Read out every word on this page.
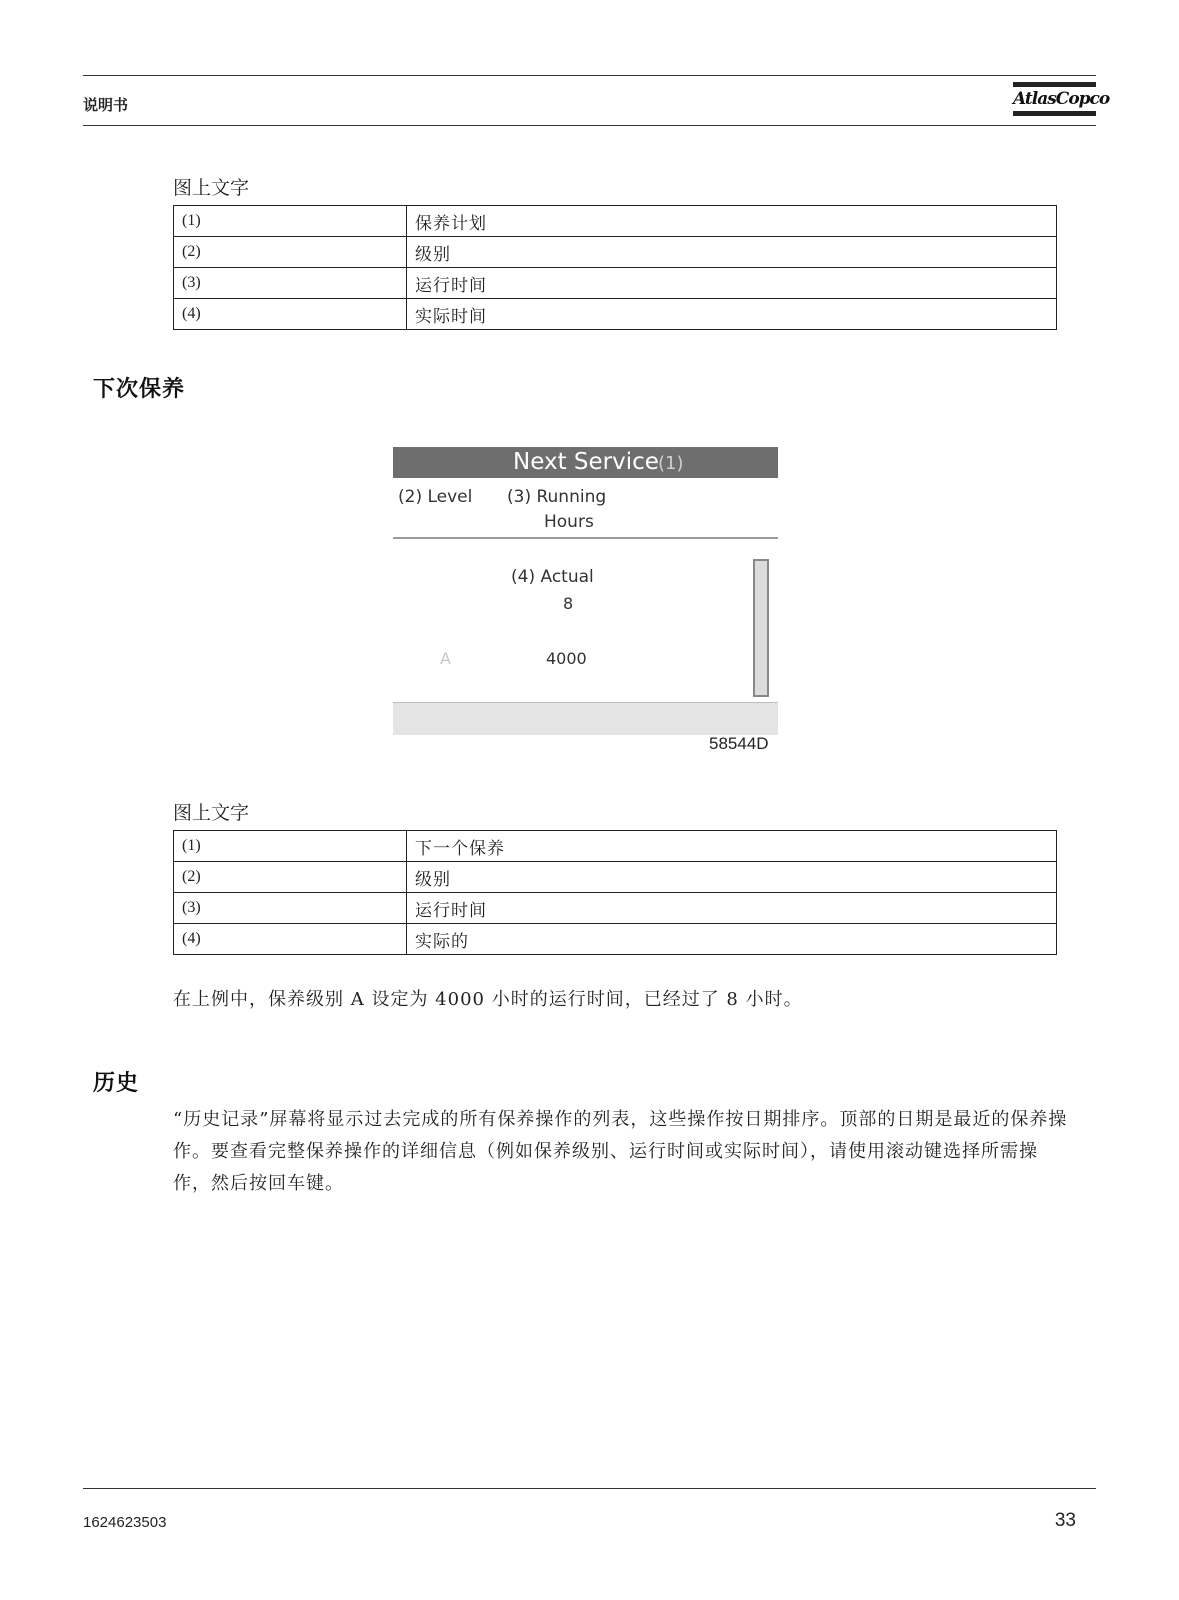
说明书	AtlasCopco
图上文字
(1)	保养计划
(2)	级别
(3)	运行时间
(4)	实际时间
下次保养
Next Service (1)
(2) Level (3) Running
Hours
(4) Actual
8
A	4000
58544D
图上文字
(1)	下一个保养
(2)	级别
(3)	运行时间
(4)	实际的
在上例中，保养级别 A 设定为 4000 小时的运行时间，已经过了 8 小时。
历史
“历史记录”屏幕将显示过去完成的所有保养操作的列表，这些操作按日期排序。顶部的日期是最近的保养操作。要查看完整保养操作的详细信息（例如保养级别、运行时间或实际时间），请使用滚动键选择所需操作，然后按回车键。
1624623503	33
